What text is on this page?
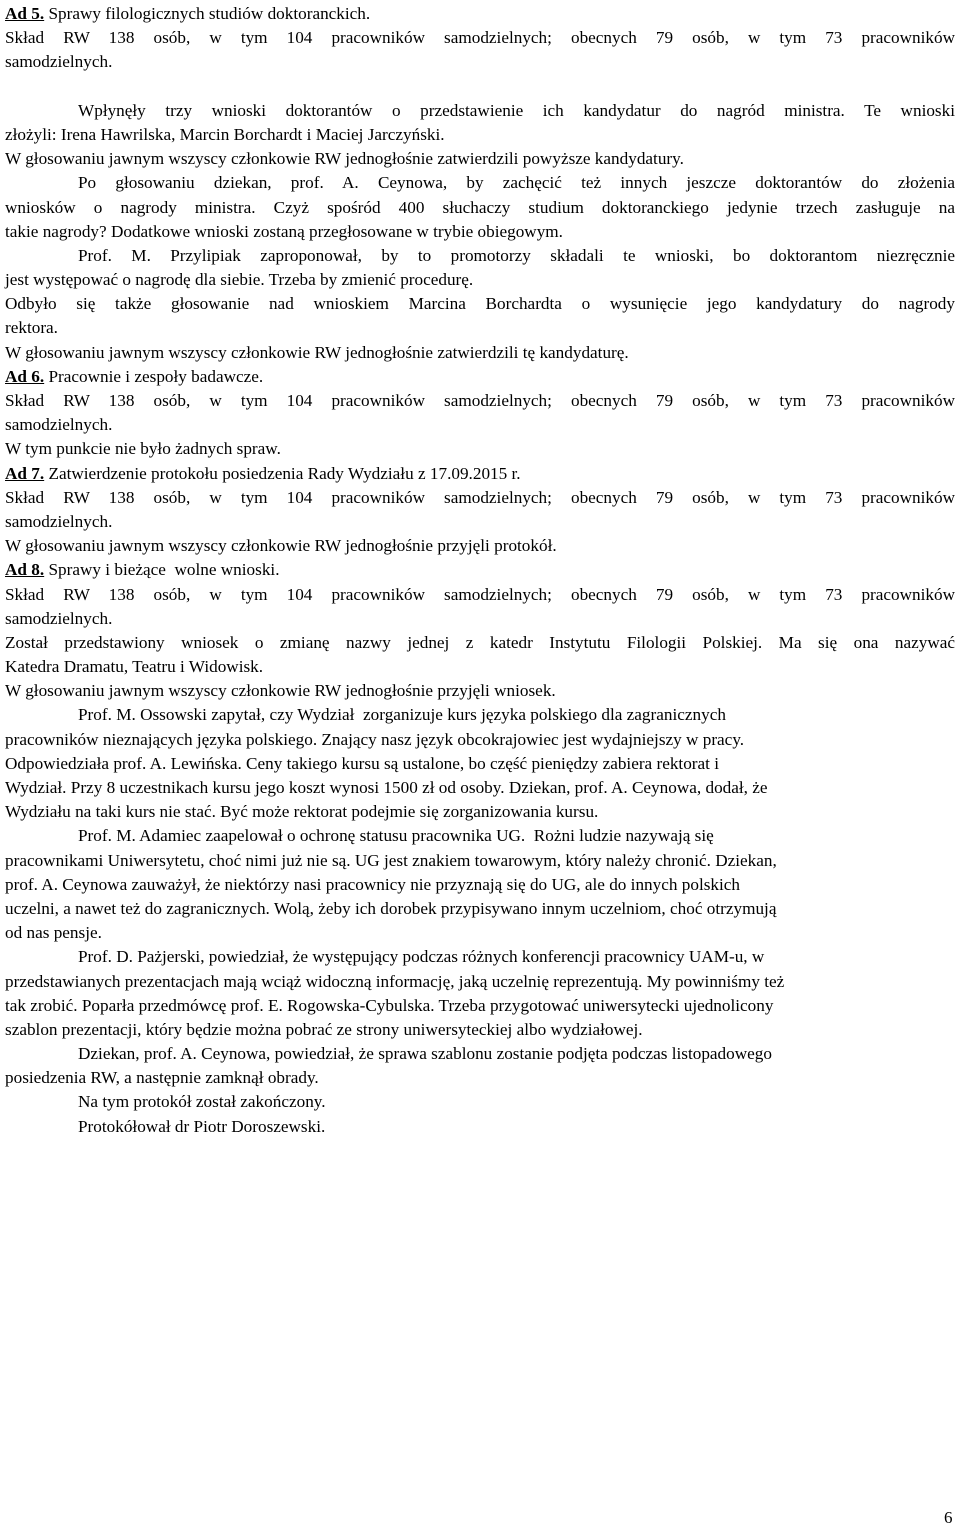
Ad 5. Sprawy filologicznych studiów doktoranckich.
Skład RW 138 osób, w tym 104 pracowników samodzielnych; obecnych 79 osób, w tym 73 pracowników
samodzielnych.
Wpłynęły trzy wnioski doktorantów o przedstawienie ich kandydatur do nagród ministra. Te wnioski
złożyli: Irena Hawrilska, Marcin Borchardt i Maciej Jarczyński.
W głosowaniu jawnym wszyscy członkowie RW jednogłośnie zatwierdzili powyższe kandydatury.
Po głosowaniu dziekan, prof. A. Ceynowa, by zachęcić też innych jeszcze doktorantów do złożenia
wniosków o nagrody ministra. Czyż spośród 400 słuchaczy studium doktoranckiego jedynie trzech zasługuje na
takie nagrody? Dodatkowe wnioski zostaną przegłosowane w trybie obiegowym.
Prof. M. Przylipiak zaproponował, by to promotorzy składali te wnioski, bo doktorantom niezręcznie
jest występować o nagrodę dla siebie. Trzeba by zmienić procedurę.
Odbyło się także głosowanie nad wnioskiem Marcina Borchardta o wysunięcie jego kandydatury do nagrody
rektora.
W głosowaniu jawnym wszyscy członkowie RW jednogłośnie zatwierdzili tę kandydaturę.
Ad 6. Pracownie i zespoły badawcze.
Skład RW 138 osób, w tym 104 pracowników samodzielnych; obecnych 79 osób, w tym 73 pracowników
samodzielnych.
W tym punkcie nie było żadnych spraw.
Ad 7. Zatwierdzenie protokołu posiedzenia Rady Wydziału z 17.09.2015 r.
Skład RW 138 osób, w tym 104 pracowników samodzielnych; obecnych 79 osób, w tym 73 pracowników
samodzielnych.
W głosowaniu jawnym wszyscy członkowie RW jednogłośnie przyjęli protokół.
Ad 8. Sprawy i bieżące  wolne wnioski.
Skład RW 138 osób, w tym 104 pracowników samodzielnych; obecnych 79 osób, w tym 73 pracowników
samodzielnych.
Został przedstawiony wniosek o zmianę nazwy jednej z katedr Instytutu Filologii Polskiej. Ma się ona nazywać
Katedra Dramatu, Teatru i Widowisk.
W głosowaniu jawnym wszyscy członkowie RW jednogłośnie przyjęli wniosek.
Prof. M. Ossowski zapytał, czy Wydział  zorganizuje kurs języka polskiego dla zagranicznych
pracowników nieznających języka polskiego. Znający nasz język obcokrajowiec jest wydajniejszy w pracy.
Odpowiedziała prof. A. Lewińska. Ceny takiego kursu są ustalone, bo część pieniędzy zabiera rektorat i
Wydział. Przy 8 uczestnikach kursu jego koszt wynosi 1500 zł od osoby. Dziekan, prof. A. Ceynowa, dodał, że
Wydziału na taki kurs nie stać. Być może rektorat podejmie się zorganizowania kursu.
Prof. M. Adamiec zaapelował o ochronę statusu pracownika UG.  Rożni ludzie nazywają się
pracownikami Uniwersytetu, choć nimi już nie są. UG jest znakiem towarowym, który należy chronić. Dziekan,
prof. A. Ceynowa zauważył, że niektórzy nasi pracownicy nie przyznają się do UG, ale do innych polskich
uczelni, a nawet też do zagranicznych. Wolą, żeby ich dorobek przypisywano innym uczelniom, choć otrzymują
od nas pensje.
Prof. D. Pażjerski, powiedział, że występujący podczas różnych konferencji pracownicy UAM-u, w
przedstawianych prezentacjach mają wciąż widoczną informację, jaką uczelnię reprezentują. My powinniśmy też
tak zrobić. Poparła przedmówcę prof. E. Rogowska-Cybulska. Trzeba przygotować uniwersytecki ujednolicony
szablon prezentacji, który będzie można pobrać ze strony uniwersyteckiej albo wydziałowej.
Dziekan, prof. A. Ceynowa, powiedział, że sprawa szablonu zostanie podjęta podczas listopadowego
posiedzenia RW, a następnie zamknął obrady.
Na tym protokół został zakończony.
Protokółował dr Piotr Doroszewski.
6
